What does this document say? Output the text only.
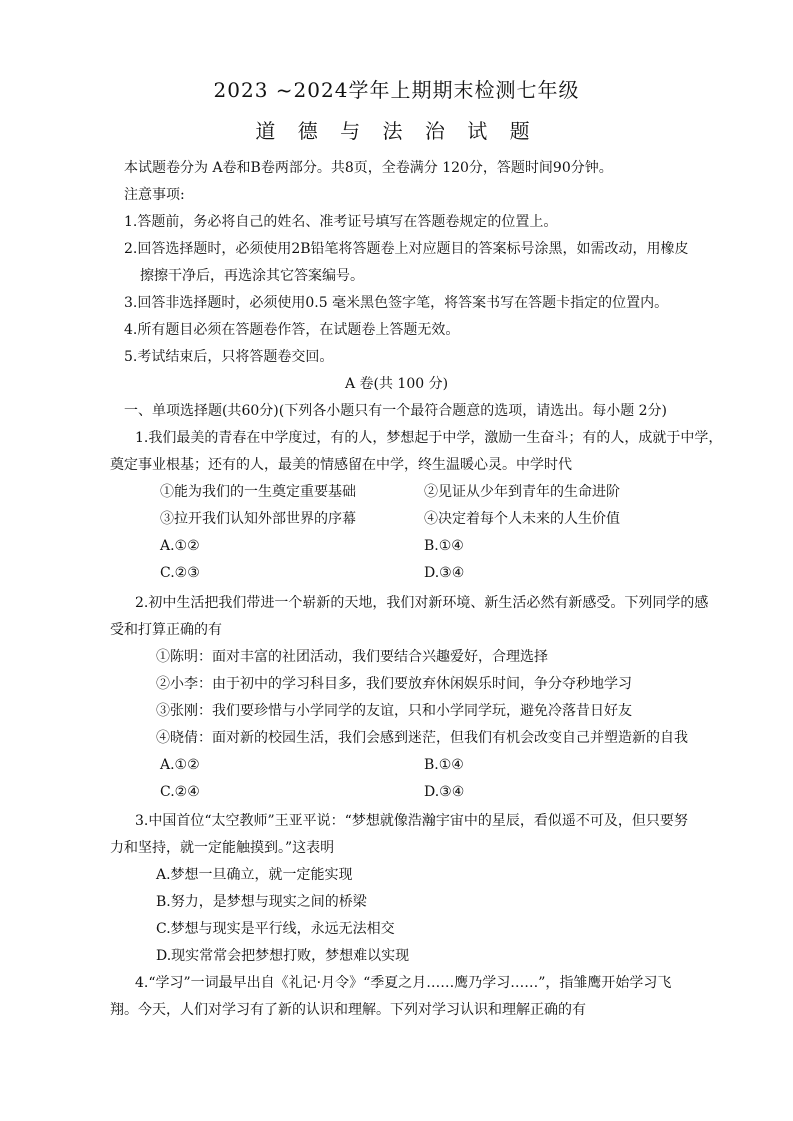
2023 ~2024学年上期期末检测七年级
道 德 与 法 治 试 题
本试题卷分为 A卷和B卷两部分。共8页，全卷满分 120分，答题时间90分钟。
注意事项:
1.答题前，务必将自己的姓名、准考证号填写在答题卷规定的位置上。
2.回答选择题时，必须使用2B铅笔将答题卷上对应题目的答案标号涂黑，如需改动，用橡皮
擦擦干净后，再选涂其它答案编号。
3.回答非选择题时，必须使用0.5 毫米黑色签字笔，将答案书写在答题卡指定的位置内。
4.所有题目必须在答题卷作答，在试题卷上答题无效。
5.考试结束后，只将答题卷交回。
A 卷(共 100 分)
一、单项选择题(共60分)(下列各小题只有一个最符合题意的选项，请选出。每小题 2分)
1.我们最美的青春在中学度过，有的人，梦想起于中学，激励一生奋斗；有的人，成就于中学，
奠定事业根基；还有的人，最美的情感留在中学，终生温暖心灵。中学时代
①能为我们的一生奠定重要基础	②见证从少年到青年的生命进阶
③拉开我们认知外部世界的序幕	④决定着每个人未来的人生价值
A.①②	B.①④
C.②③	D.③④
2.初中生活把我们带进一个崭新的天地，我们对新环境、新生活必然有新感受。下列同学的感
受和打算正确的有
①陈明：面对丰富的社团活动，我们要结合兴趣爱好，合理选择
②小李：由于初中的学习科目多，我们要放弃休闲娱乐时间，争分夺秒地学习
③张刚：我们要珍惜与小学同学的友谊，只和小学同学玩，避免冷落昔日好友
④晓倩：面对新的校园生活，我们会感到迷茫，但我们有机会改变自己并塑造新的自我
A.①②	B.①④
C.②④	D.③④
3.中国首位“太空教师”王亚平说：“梦想就像浩瀚宇宙中的星辰，看似遥不可及，但只要努
力和坚持，就一定能触摸到。”这表明
A.梦想一旦确立，就一定能实现
B.努力，是梦想与现实之间的桥梁
C.梦想与现实是平行线，永远无法相交
D.现实常常会把梦想打败，梦想难以实现
4.“学习”一词最早出自《礼记·月令》“季夏之月……鹰乃学习……”，指雏鹰开始学习飞
翔。今天，人们对学习有了新的认识和理解。下列对学习认识和理解正确的有
